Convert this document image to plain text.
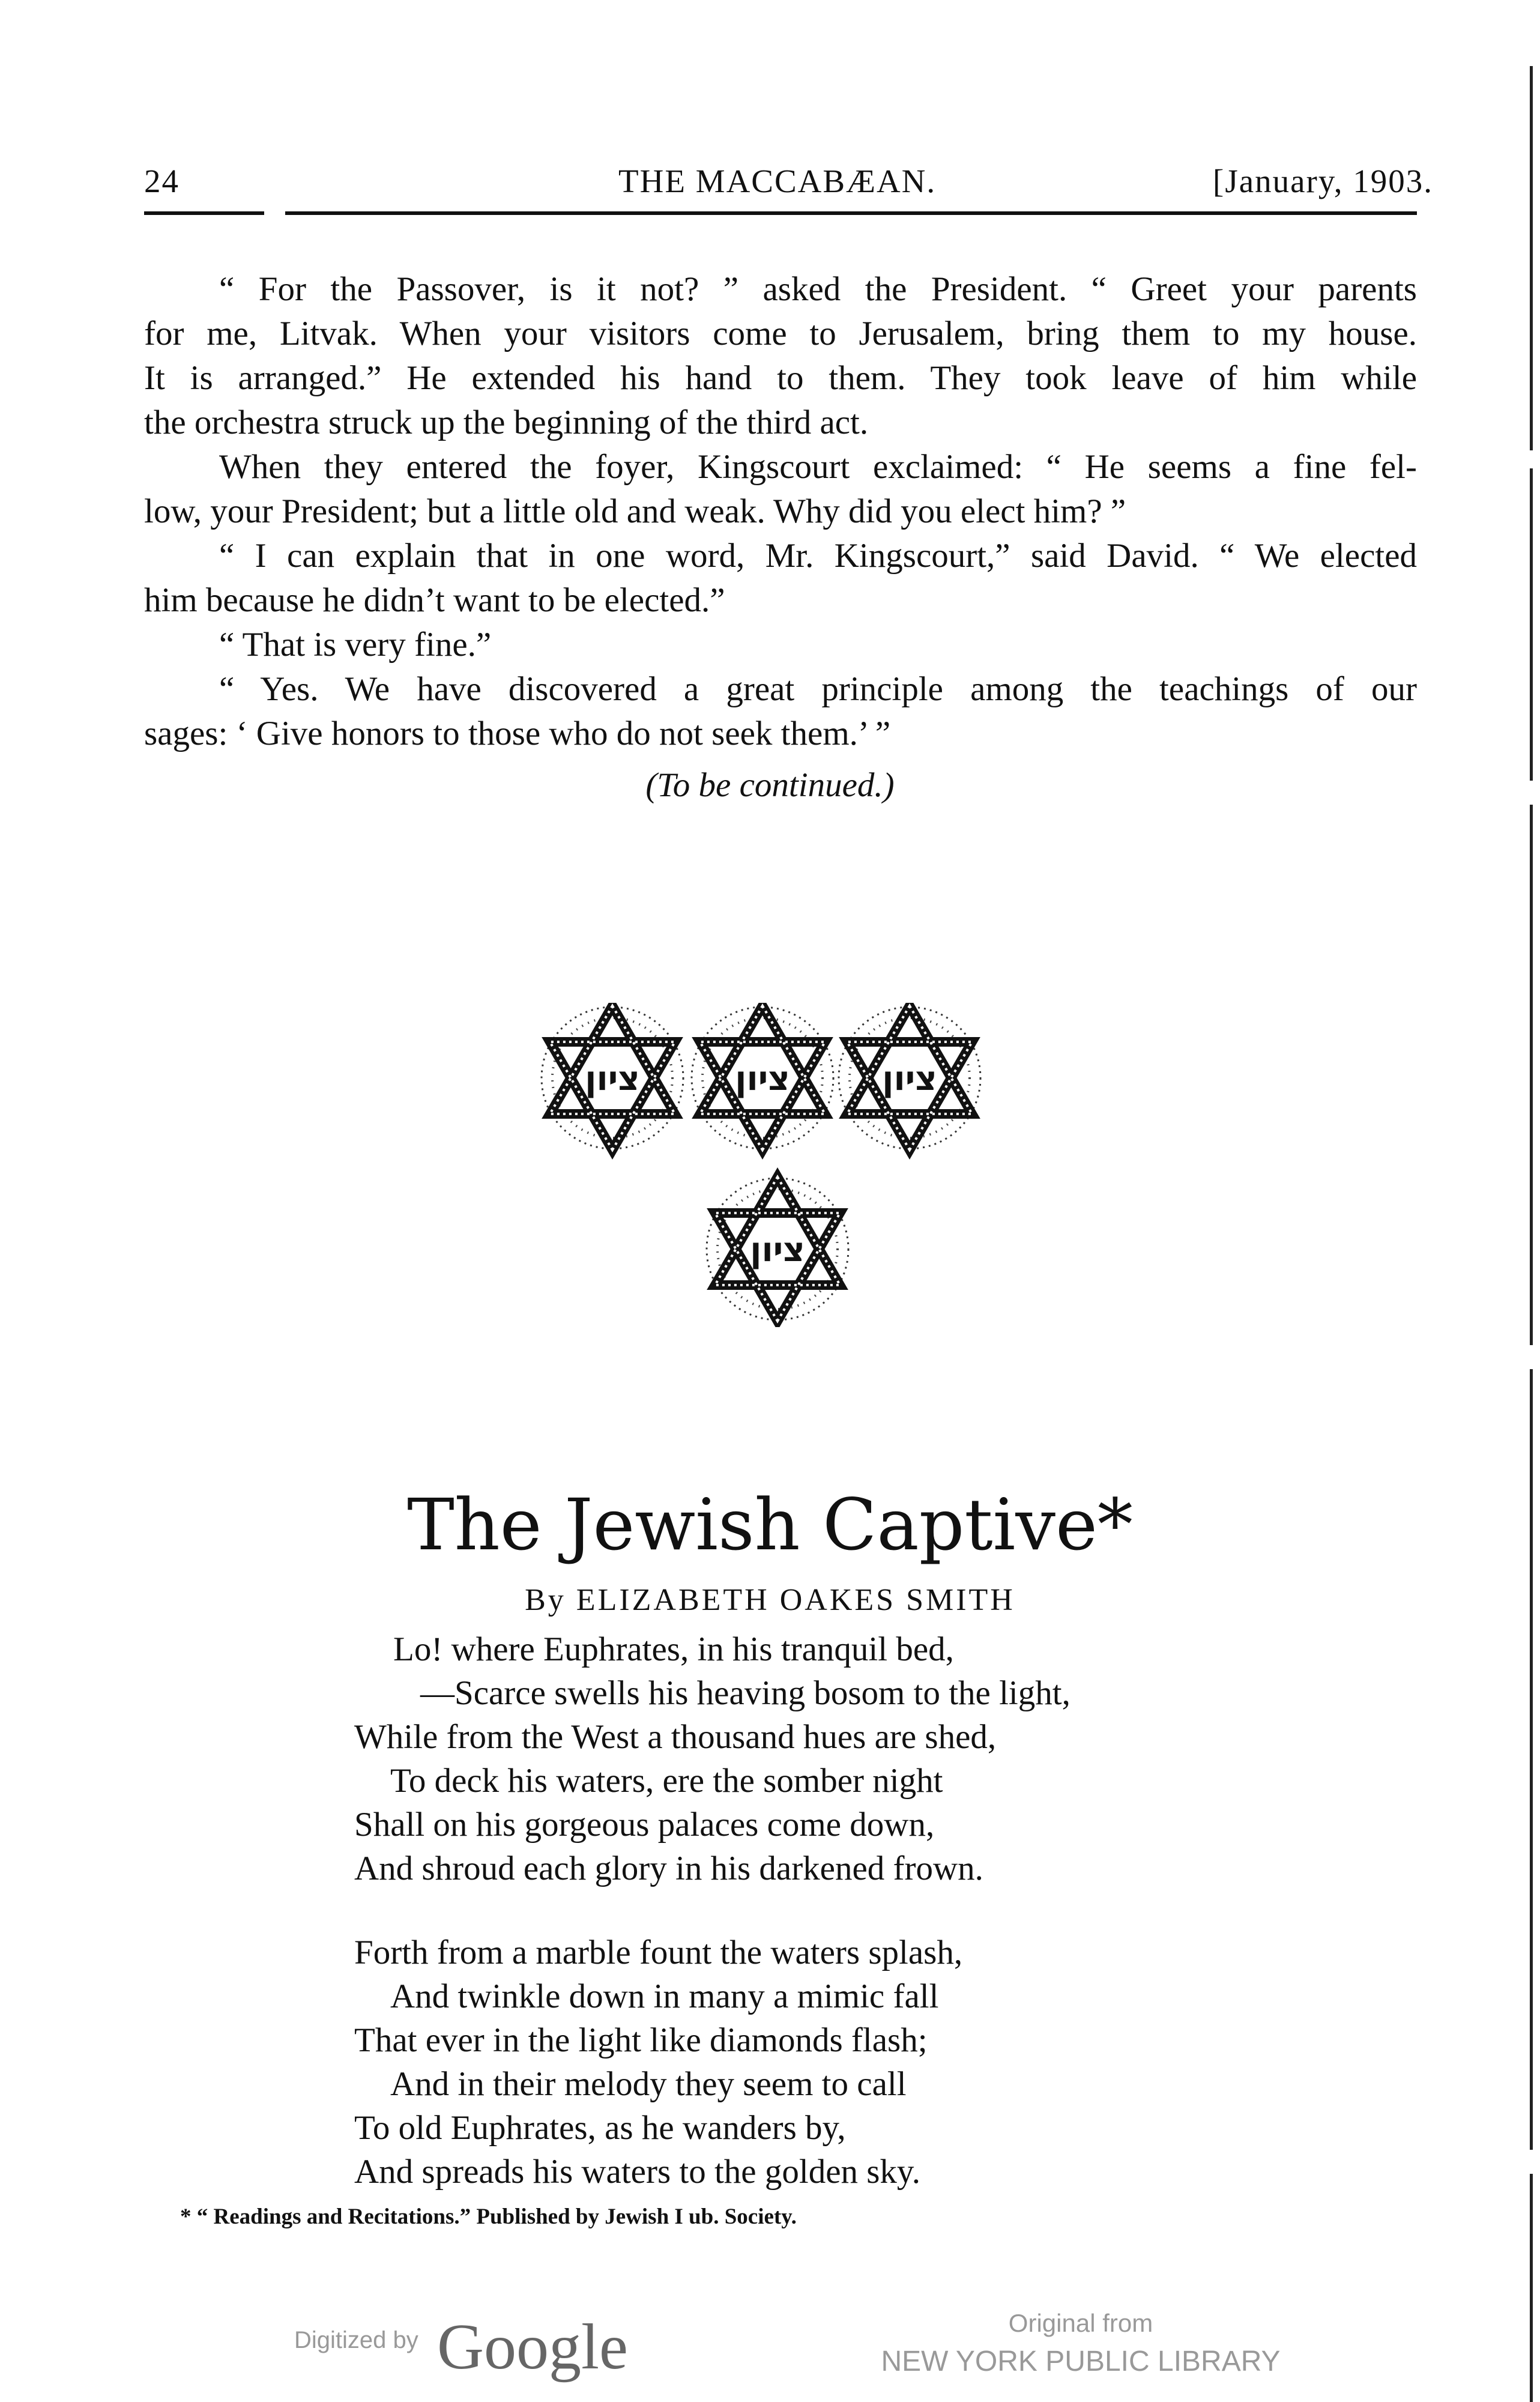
24	THE MACCABÆAN.	[January, 1903.
“ For the Passover, is it not? ” asked the President. “ Greet your parents
for me, Litvak. When your visitors come to Jerusalem, bring them to my house.
It is arranged.” He extended his hand to them. They took leave of him while
the orchestra struck up the beginning of the third act.
When they entered the foyer, Kingscourt exclaimed: “ He seems a fine fel-
low, your President; but a little old and weak. Why did you elect him? ”
“ I can explain that in one word, Mr. Kingscourt,” said David. “ We elected
him because he didn’t want to be elected.”
“ That is very fine.”
“ Yes. We have discovered a great principle among the teachings of our
sages: ‘ Give honors to those who do not seek them.’ ”
(To be continued.)
ציון	ציון	ציון
ציון
The Jewish Captive*
By ELIZABETH OAKES SMITH
Lo! where Euphrates, in his tranquil bed,
—Scarce swells his heaving bosom to the light,
While from the West a thousand hues are shed,
To deck his waters, ere the somber night
Shall on his gorgeous palaces come down,
And shroud each glory in his darkened frown.
Forth from a marble fount the waters splash,
And twinkle down in many a mimic fall
That ever in the light like diamonds flash;
And in their melody they seem to call
To old Euphrates, as he wanders by,
And spreads his waters to the golden sky.
* “ Readings and Recitations.” Published by Jewish I ub. Society.
Digitized by Google	Original from
NEW YORK PUBLIC LIBRARY
